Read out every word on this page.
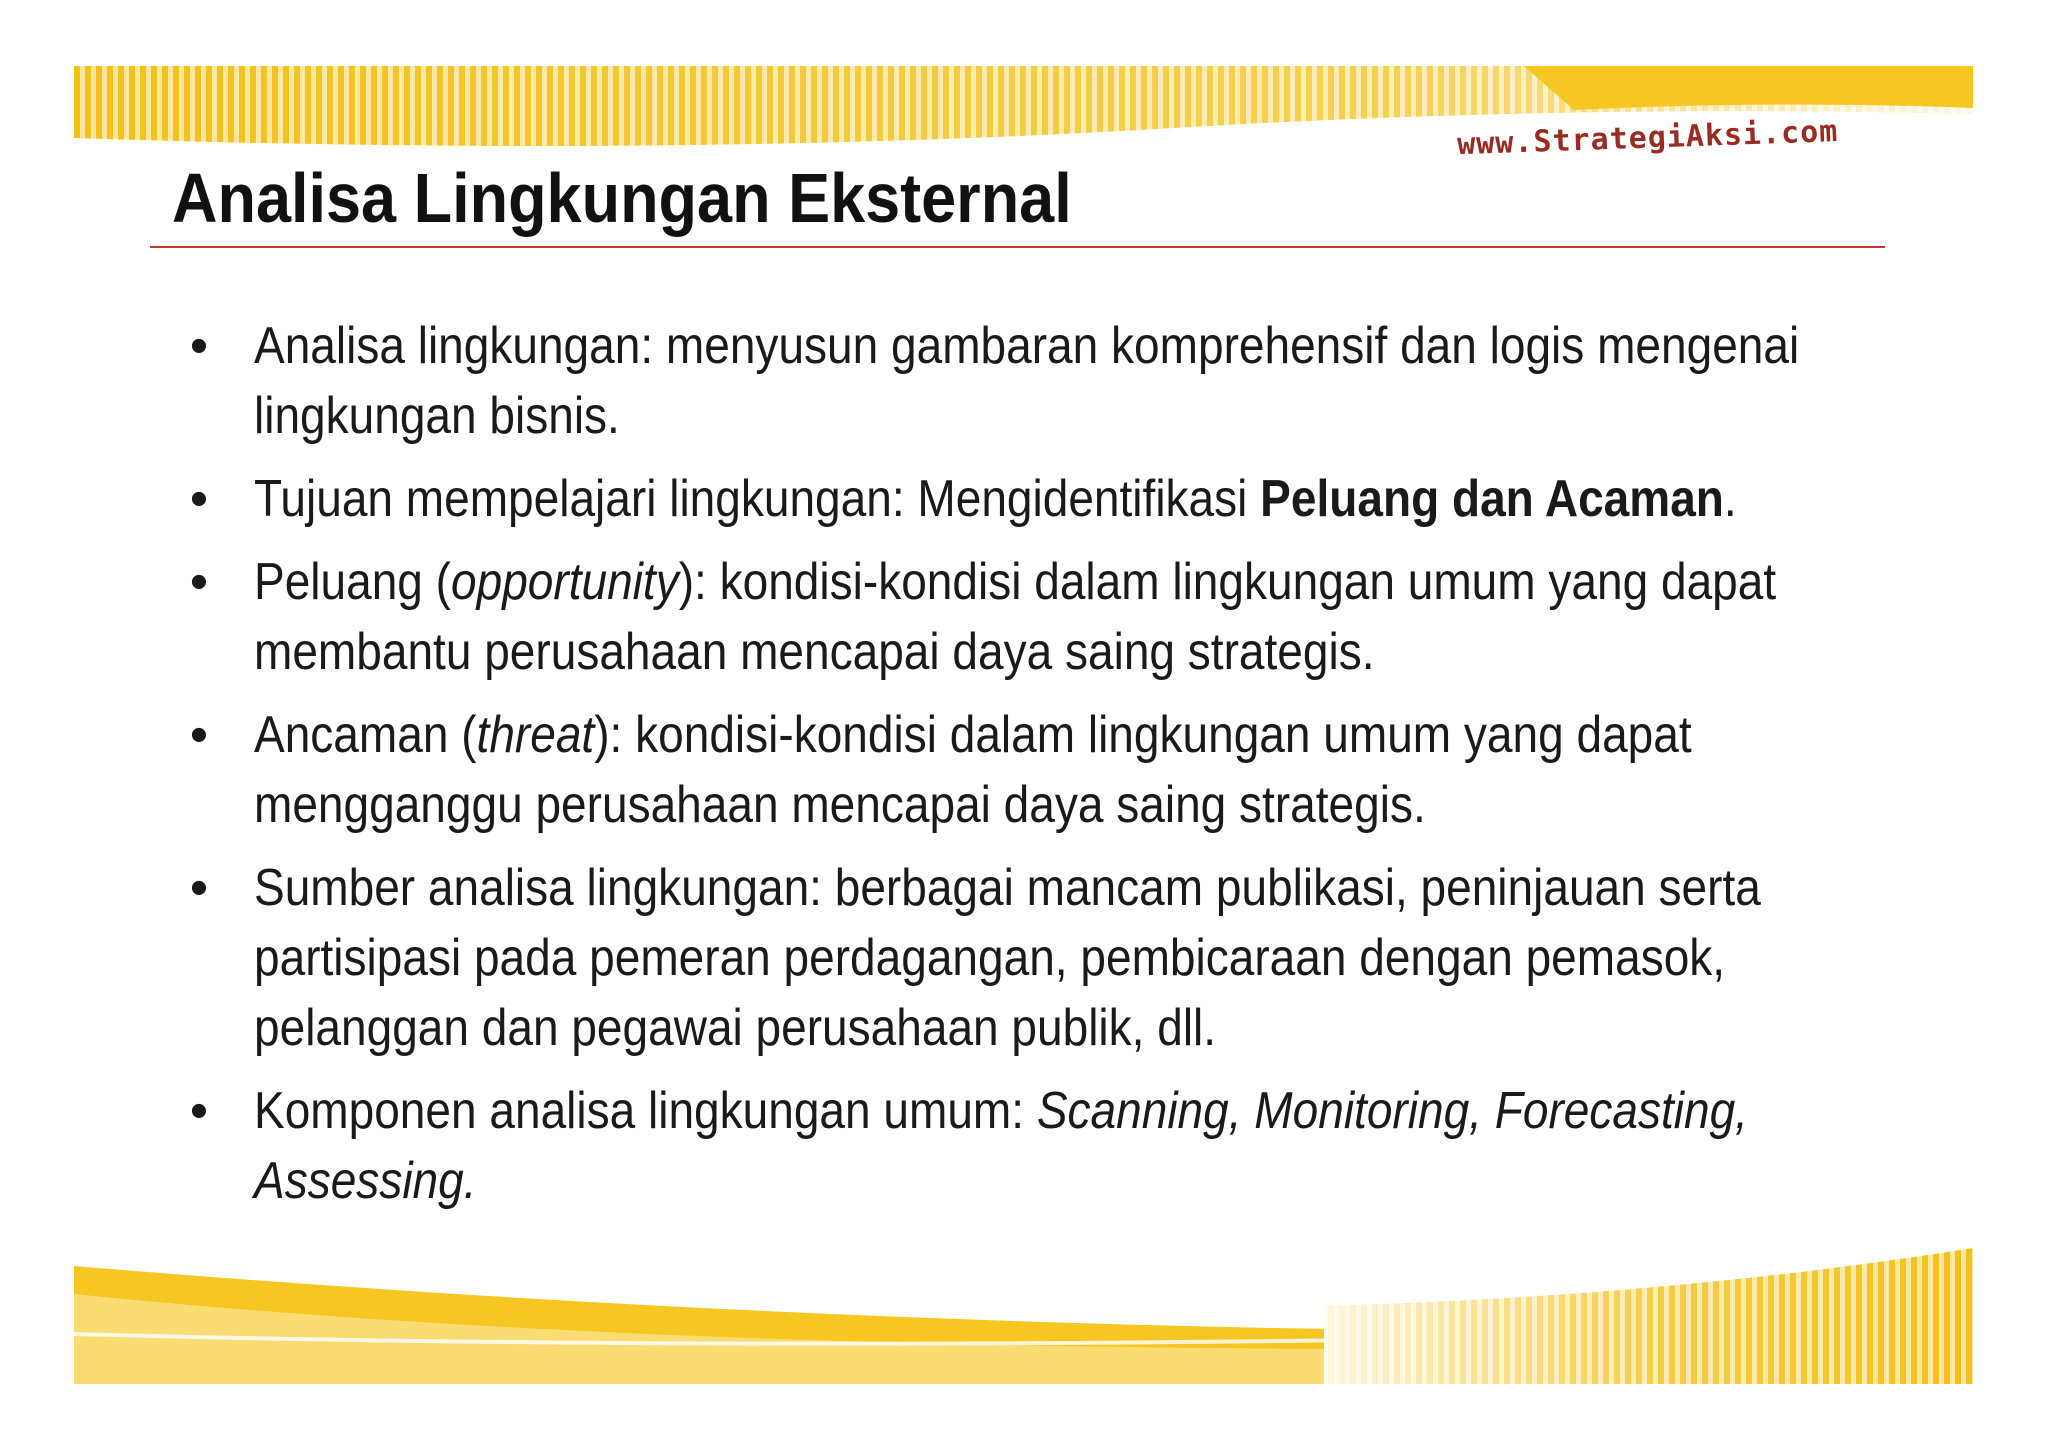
www.StrategiAksi.com
Analisa Lingkungan Eksternal
• Analisa lingkungan: menyusun gambaran komprehensif dan logis mengenai lingkungan bisnis.
• Tujuan mempelajari lingkungan: Mengidentifikasi Peluang dan Acaman.
• Peluang (opportunity): kondisi-kondisi dalam lingkungan umum yang dapat membantu perusahaan mencapai daya saing strategis.
• Ancaman (threat): kondisi-kondisi dalam lingkungan umum yang dapat mengganggu perusahaan mencapai daya saing strategis.
• Sumber analisa lingkungan: berbagai mancam publikasi, peninjauan serta partisipasi pada pemeran perdagangan, pembicaraan dengan pemasok, pelanggan dan pegawai perusahaan publik, dll.
• Komponen analisa lingkungan umum: Scanning, Monitoring, Forecasting, Assessing.
